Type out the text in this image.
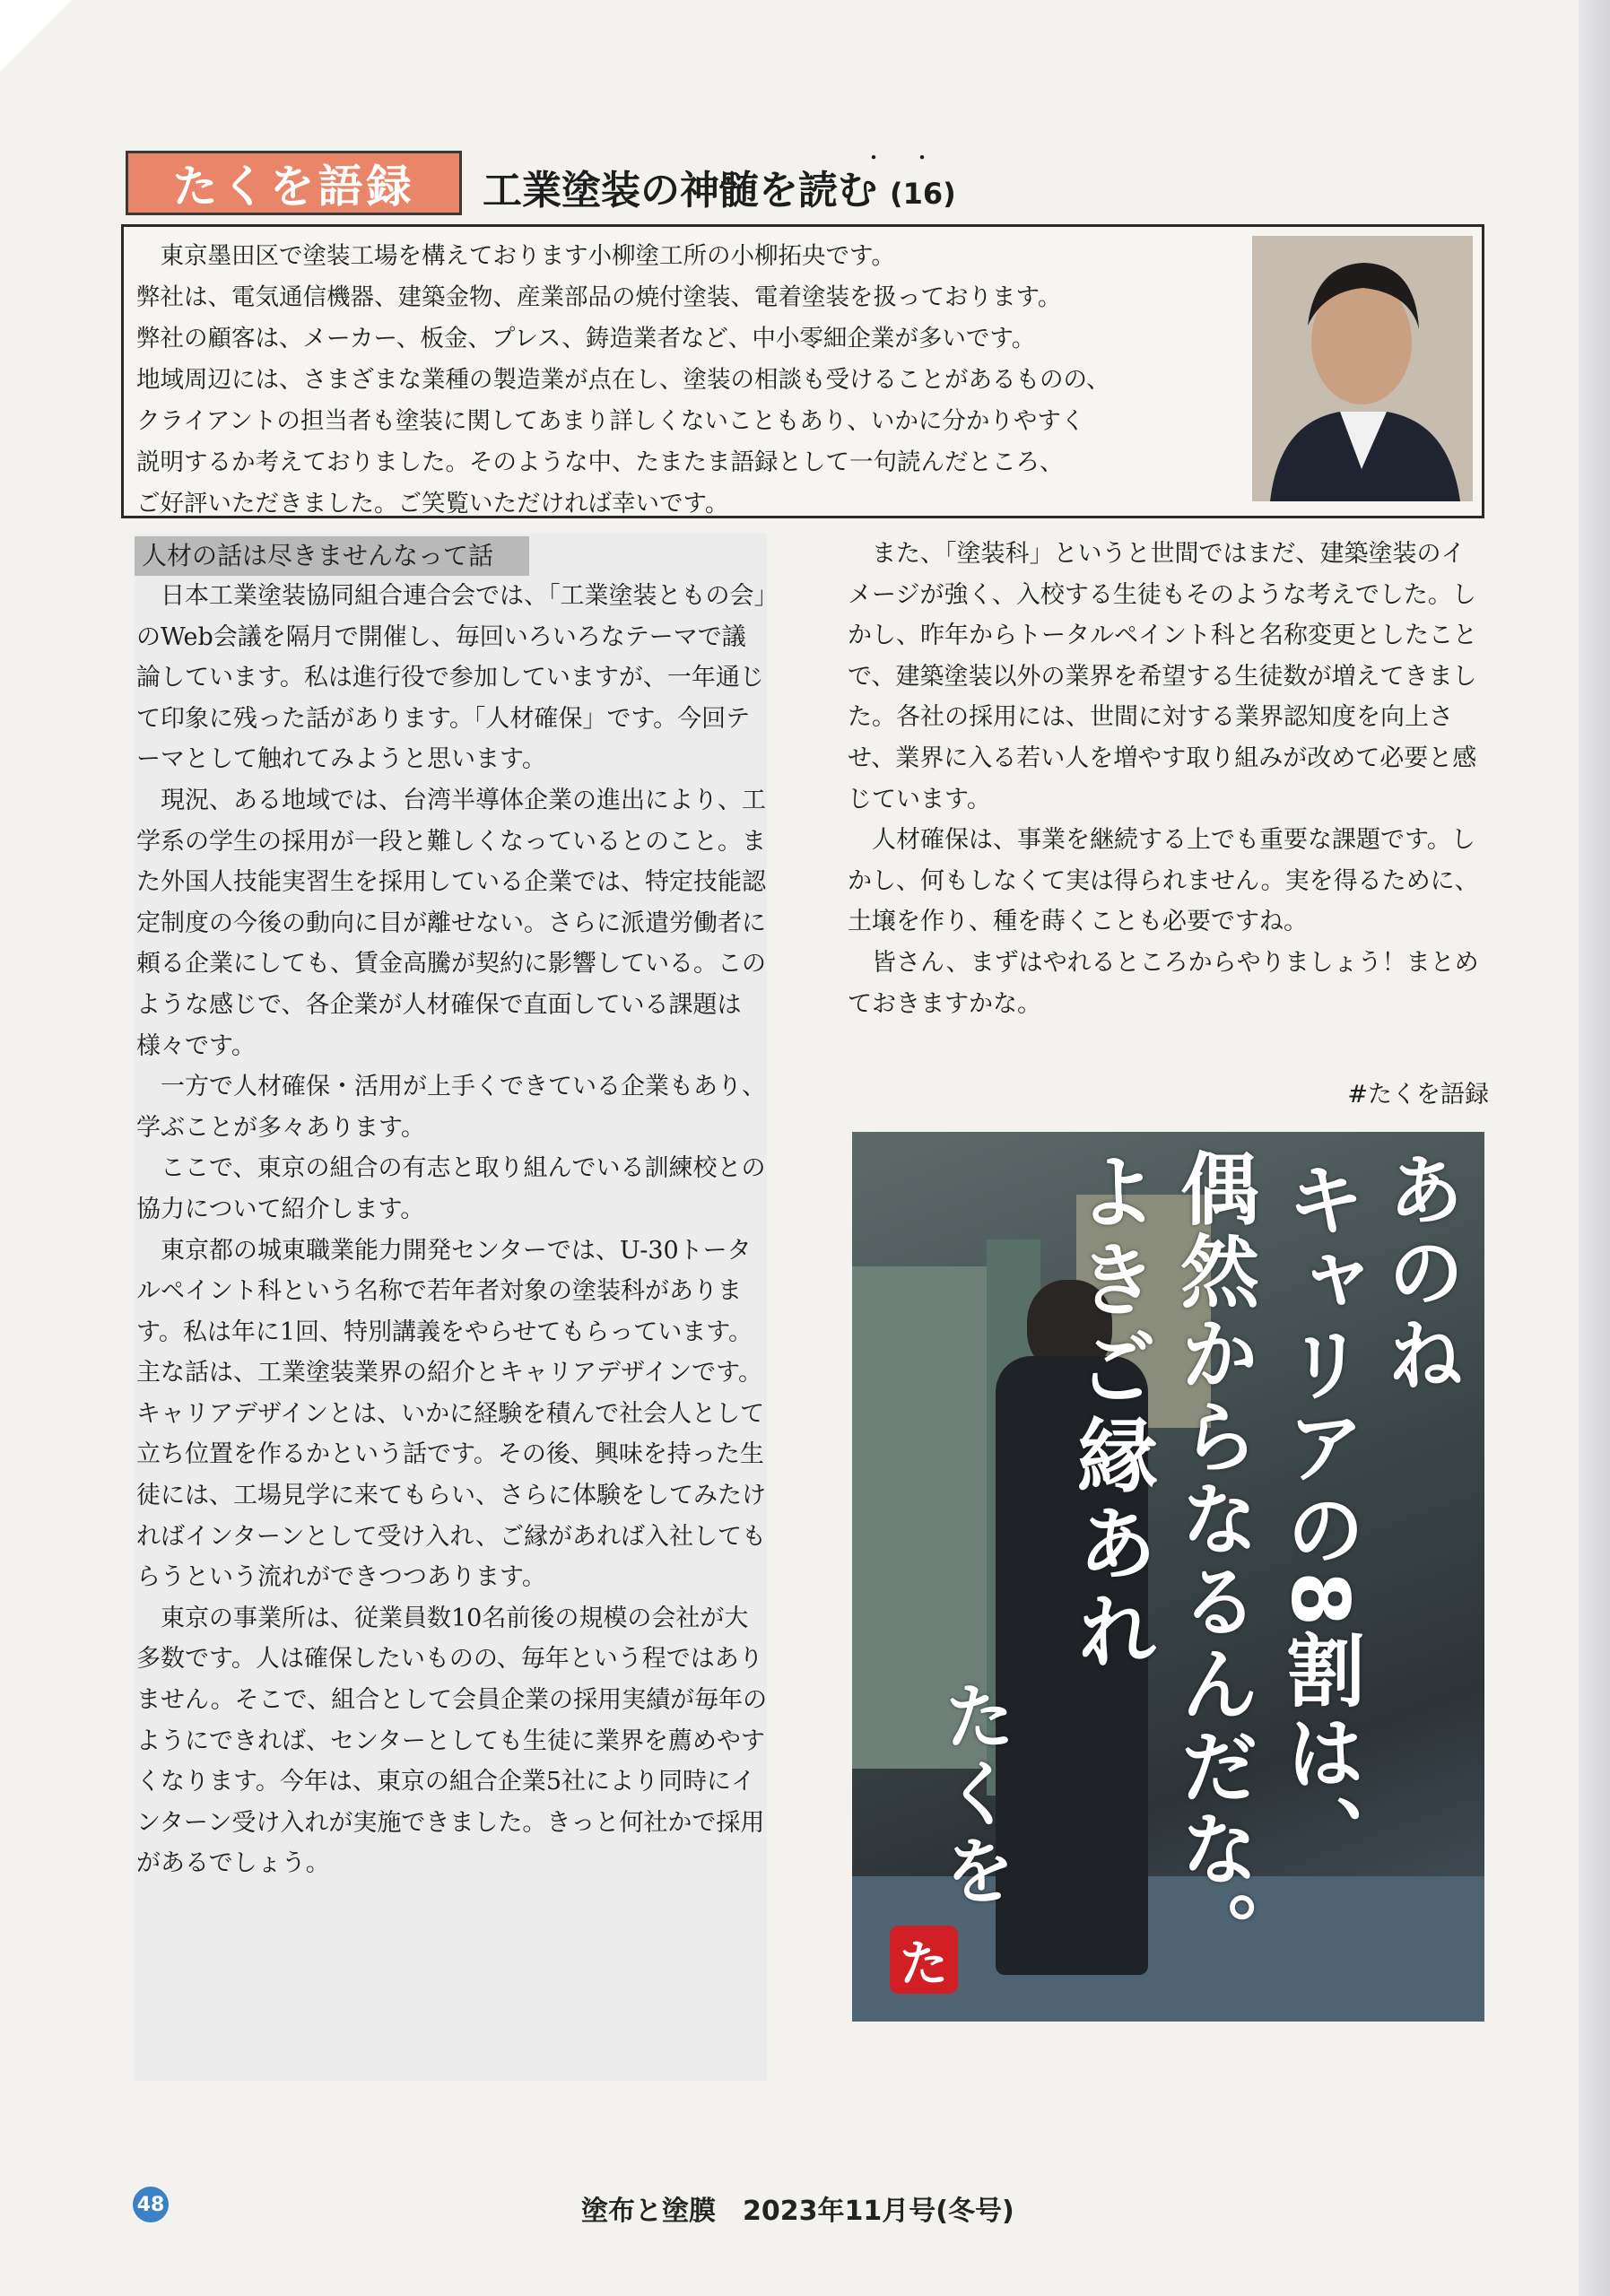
たくを語録
・・
工業塗装の神髄を読む (16)
　東京墨田区で塗装工場を構えております小柳塗工所の小柳拓央です。
弊社は、電気通信機器、建築金物、産業部品の焼付塗装、電着塗装を扱っております。
弊社の顧客は、メーカー、板金、プレス、鋳造業者など、中小零細企業が多いです。
地域周辺には、さまざまな業種の製造業が点在し、塗装の相談も受けることがあるものの、
クライアントの担当者も塗装に関してあまり詳しくないこともあり、いかに分かりやすく
説明するか考えておりました。そのような中、たまたま語録として一句読んだところ、
ご好評いただきました。ご笑覧いただければ幸いです。
人材の話は尽きませんなって話
　日本工業塗装協同組合連合会では、「工業塗装ともの会」のWeb会議を隔月で開催し、毎回いろいろなテーマで議論しています。私は進行役で参加していますが、一年通じて印象に残った話があります。「人材確保」です。今回テーマとして触れてみようと思います。
　現況、ある地域では、台湾半導体企業の進出により、工学系の学生の採用が一段と難しくなっているとのこと。また外国人技能実習生を採用している企業では、特定技能認定制度の今後の動向に目が離せない。さらに派遣労働者に頼る企業にしても、賃金高騰が契約に影響している。このような感じで、各企業が人材確保で直面している課題は様々です。
　一方で人材確保・活用が上手くできている企業もあり、学ぶことが多々あります。
　ここで、東京の組合の有志と取り組んでいる訓練校との協力について紹介します。
　東京都の城東職業能力開発センターでは、U-30トータルペイント科という名称で若年者対象の塗装科があります。私は年に1回、特別講義をやらせてもらっています。主な話は、工業塗装業界の紹介とキャリアデザインです。キャリアデザインとは、いかに経験を積んで社会人として立ち位置を作るかという話です。その後、興味を持った生徒には、工場見学に来てもらい、さらに体験をしてみたければインターンとして受け入れ、ご縁があれば入社してもらうという流れができつつあります。
　東京の事業所は、従業員数10名前後の規模の会社が大多数です。人は確保したいものの、毎年という程ではありません。そこで、組合として会員企業の採用実績が毎年のようにできれば、センターとしても生徒に業界を薦めやすくなります。今年は、東京の組合企業5社により同時にインターン受け入れが実施できました。きっと何社かで採用があるでしょう。
　また、「塗装科」というと世間ではまだ、建築塗装のイメージが強く、入校する生徒もそのような考えでした。しかし、昨年からトータルペイント科と名称変更としたことで、建築塗装以外の業界を希望する生徒数が増えてきました。各社の採用には、世間に対する業界認知度を向上させ、業界に入る若い人を増やす取り組みが改めて必要と感じています。
　人材確保は、事業を継続する上でも重要な課題です。しかし、何もしなくて実は得られません。実を得るために、土壌を作り、種を蒔くことも必要ですね。
　皆さん、まずはやれるところからやりましょう！まとめておきますかな。
#たくを語録
あのね
キャリアの8割は、
偶然からなるんだな。
よきご縁あれ
たくを
た
48	塗布と塗膜　2023年11月号(冬号)
